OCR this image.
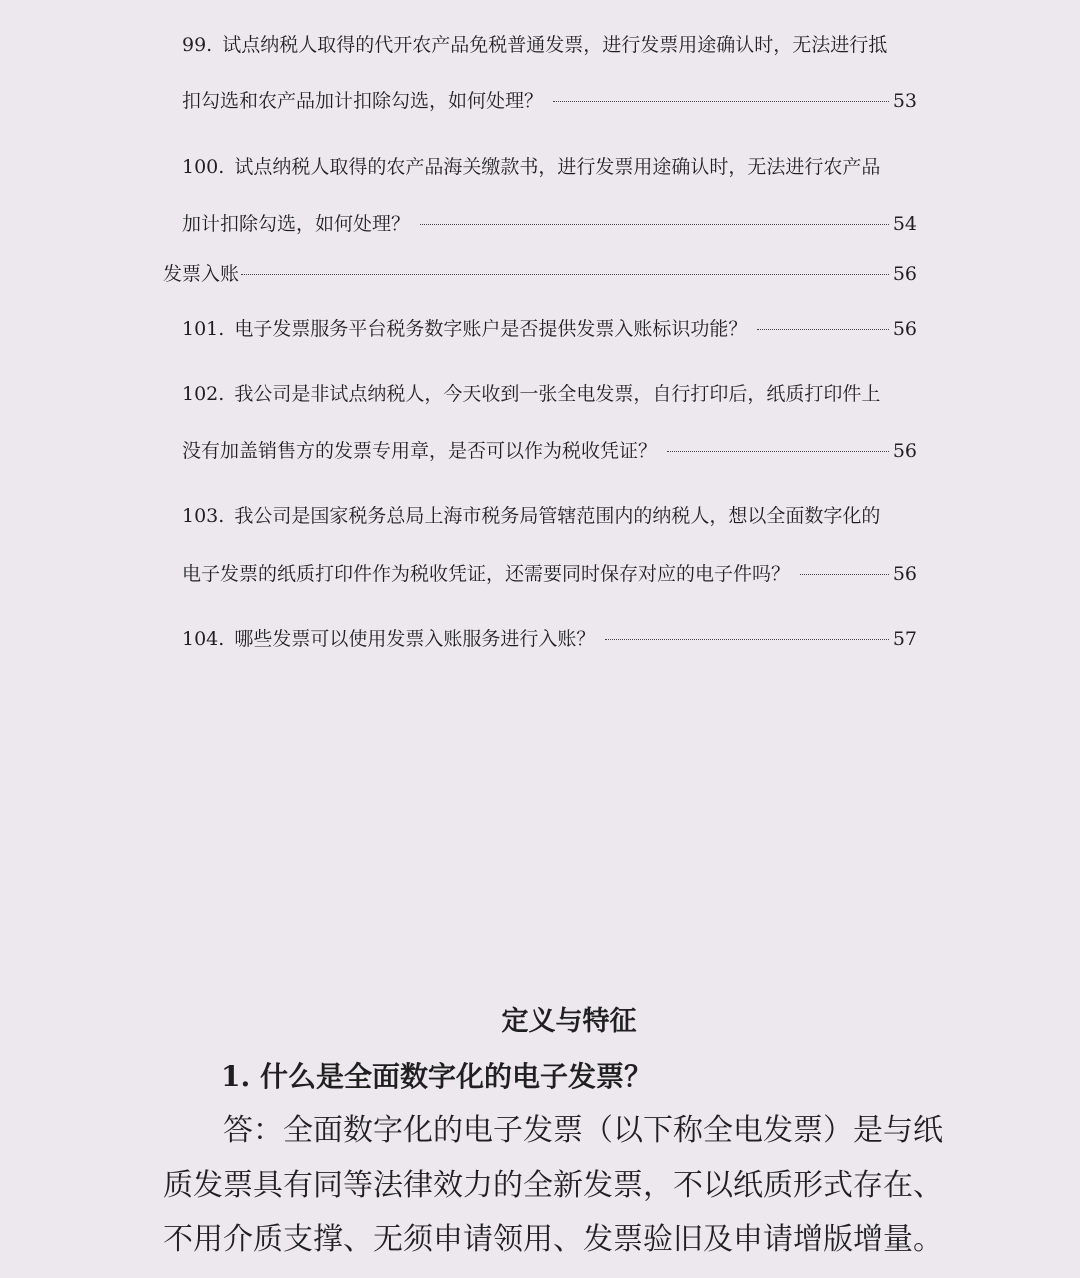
99. 试点纳税人取得的代开农产品免税普通发票，进行发票用途确认时，无法进行抵
扣勾选和农产品加计扣除勾选，如何处理？	53
100. 试点纳税人取得的农产品海关缴款书，进行发票用途确认时，无法进行农产品
加计扣除勾选，如何处理？	54
发票入账	56
101. 电子发票服务平台税务数字账户是否提供发票入账标识功能？	56
102. 我公司是非试点纳税人，今天收到一张全电发票，自行打印后，纸质打印件上
没有加盖销售方的发票专用章，是否可以作为税收凭证？	56
103. 我公司是国家税务总局上海市税务局管辖范围内的纳税人，想以全面数字化的
电子发票的纸质打印件作为税收凭证，还需要同时保存对应的电子件吗？	56
104. 哪些发票可以使用发票入账服务进行入账？	57
定义与特征
1. 什么是全面数字化的电子发票？
　　答：全面数字化的电子发票（以下称全电发票）是与纸
质发票具有同等法律效力的全新发票，不以纸质形式存在、
不用介质支撑、无须申请领用、发票验旧及申请增版增量。
